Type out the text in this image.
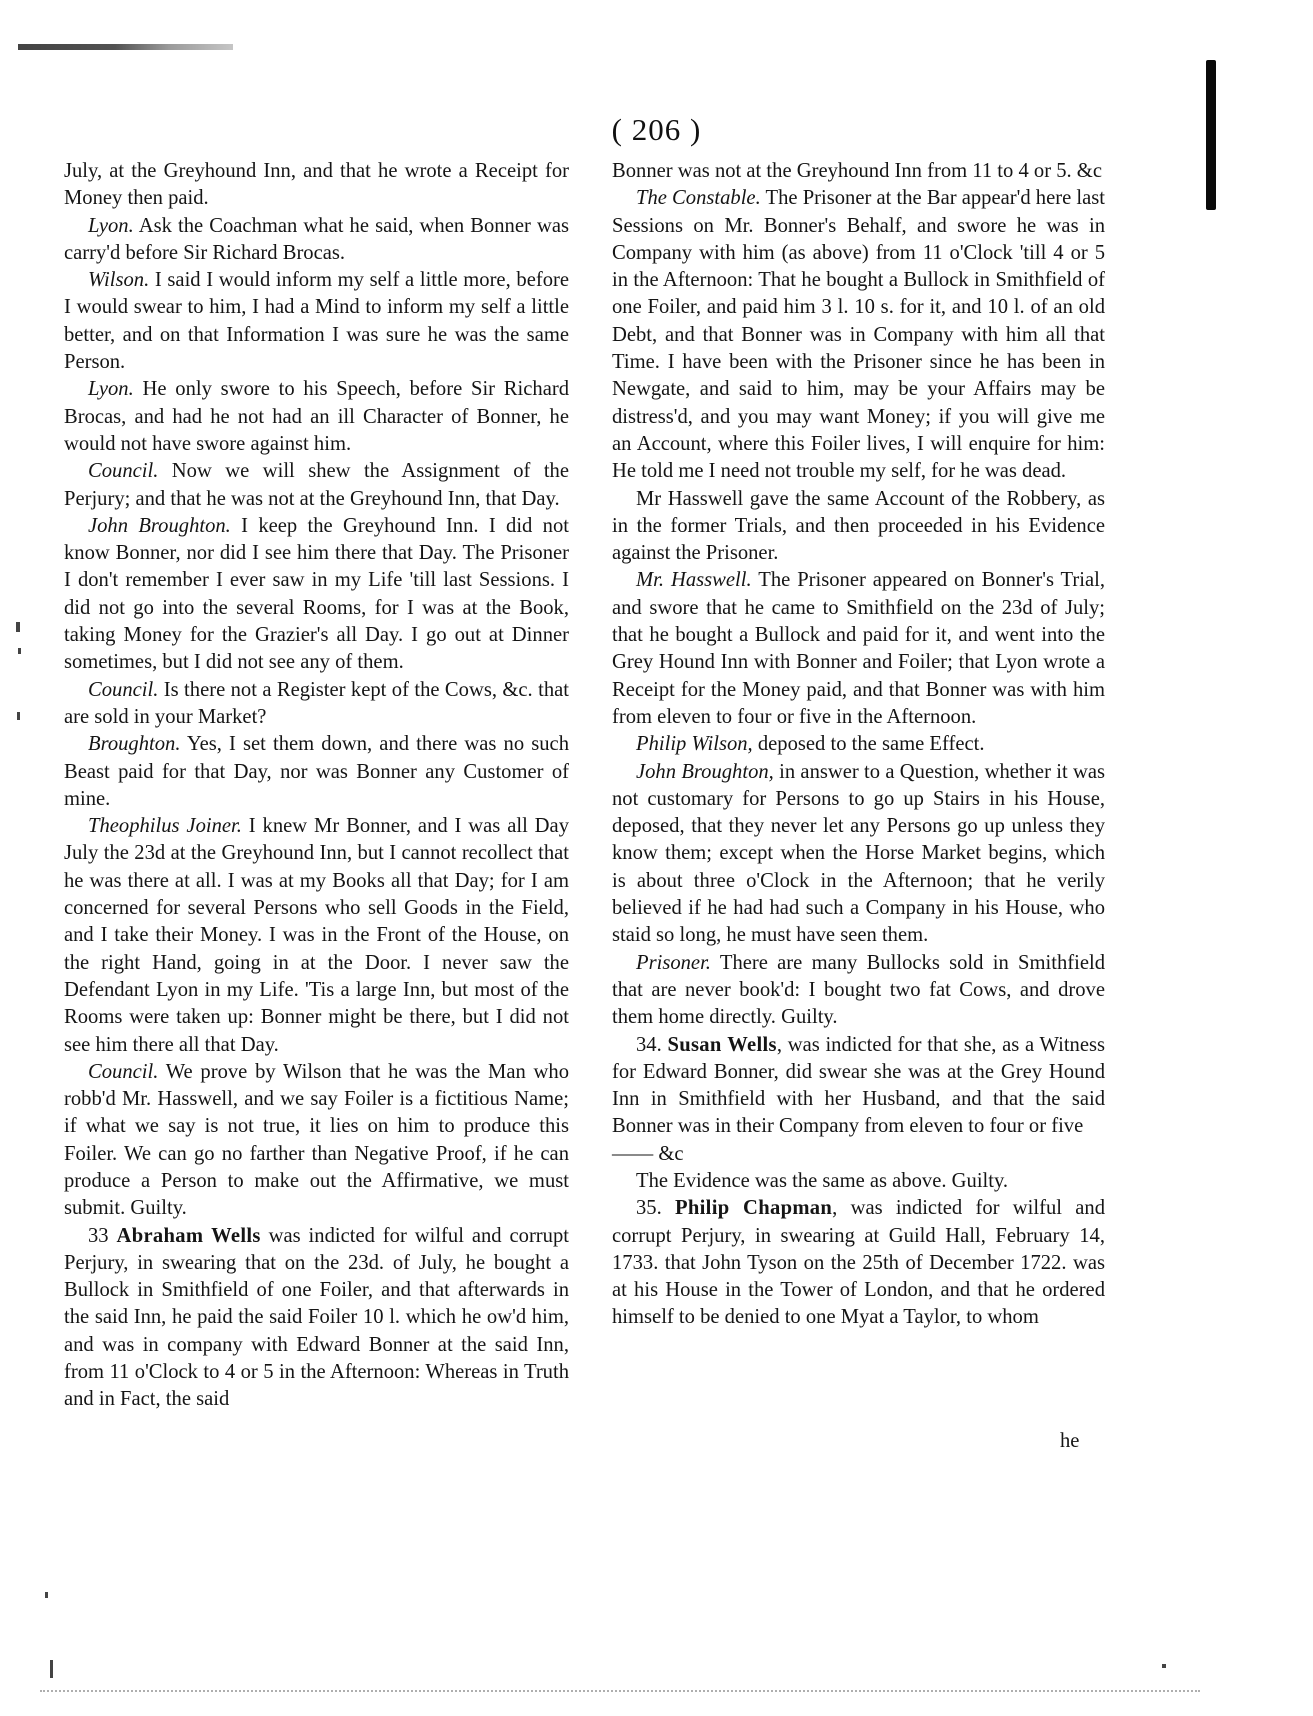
( 206 )

July, at the Greyhound Inn, and that he wrote a Receipt for Money then paid.

Lyon. Ask the Coachman what he said, when Bonner was carry'd before Sir Richard Brocas.

Wilson. I said I would inform my self a little more, before I would swear to him, I had a Mind to inform my self a little better, and on that Information I was sure he was the same Person.

Lyon. He only swore to his Speech, before Sir Richard Brocas, and had he not had an ill Character of Bonner, he would not have swore against him.

Council. Now we will shew the Assignment of the Perjury; and that he was not at the Greyhound Inn, that Day.

John Broughton. I keep the Greyhound Inn. I did not know Bonner, nor did I see him there that Day. The Prisoner I don't remember I ever saw in my Life 'till last Sessions. I did not go into the several Rooms, for I was at the Book, taking Money for the Grazier's all Day. I go out at Dinner sometimes, but I did not see any of them.

Council. Is there not a Register kept of the Cows, &c. that are sold in your Market?

Broughton. Yes, I set them down, and there was no such Beast paid for that Day, nor was Bonner any Customer of mine.

Theophilus Joiner. I knew Mr Bonner, and I was all Day July the 23d at the Greyhound Inn, but I cannot recollect that he was there at all. I was at my Books all that Day; for I am concerned for several Persons who sell Goods in the Field, and I take their Money. I was in the Front of the House, on the right Hand, going in at the Door. I never saw the Defendant Lyon in my Life. 'Tis a large Inn, but most of the Rooms were taken up: Bonner might be there, but I did not see him there all that Day.

Council. We prove by Wilson that he was the Man who robb'd Mr. Hasswell, and we say Foiler is a fictitious Name; if what we say is not true, it lies on him to produce this Foiler. We can go no farther than Negative Proof, if he can produce a Person to make out the Affirmative, we must submit. Guilty.

33 Abraham Wells was indicted for wilful and corrupt Perjury, in swearing that on the 23d. of July, he bought a Bullock in Smithfield of one Foiler, and that afterwards in the said Inn, he paid the said Foiler 10 l. which he ow'd him, and was in company with Edward Bonner at the said Inn, from 11 o'Clock to 4 or 5 in the Afternoon: Whereas in Truth and in Fact, the said

Bonner was not at the Greyhound Inn from 11 to 4 or 5. &c

The Constable. The Prisoner at the Bar appear'd here last Sessions on Mr. Bonner's Behalf, and swore he was in Company with him (as above) from 11 o'Clock 'till 4 or 5 in the Afternoon: That he bought a Bullock in Smithfield of one Foiler, and paid him 3 l. 10 s. for it, and 10 l. of an old Debt, and that Bonner was in Company with him all that Time. I have been with the Prisoner since he has been in Newgate, and said to him, may be your Affairs may be distress'd, and you may want Money; if you will give me an Account, where this Foiler lives, I will enquire for him: He told me I need not trouble my self, for he was dead.

Mr Hasswell gave the same Account of the Robbery, as in the former Trials, and then proceeded in his Evidence against the Prisoner.

Mr. Hasswell. The Prisoner appeared on Bonner's Trial, and swore that he came to Smithfield on the 23d of July; that he bought a Bullock and paid for it, and went into the Grey Hound Inn with Bonner and Foiler; that Lyon wrote a Receipt for the Money paid, and that Bonner was with him from eleven to four or five in the Afternoon.

Philip Wilson, deposed to the same Effect.

John Broughton, in answer to a Question, whether it was not customary for Persons to go up Stairs in his House, deposed, that they never let any Persons go up unless they know them; except when the Horse Market begins, which is about three o'Clock in the Afternoon; that he verily believed if he had had such a Company in his House, who staid so long, he must have seen them.

Prisoner. There are many Bullocks sold in Smithfield that are never book'd: I bought two fat Cows, and drove them home directly. Guilty.

34. Susan Wells, was indicted for that she, as a Witness for Edward Bonner, did swear she was at the Grey Hound Inn in Smithfield with her Husband, and that the said Bonner was in their Company from eleven to four or five

—— &c

The Evidence was the same as above. Guilty.

35. Philip Chapman, was indicted for wilful and corrupt Perjury, in swearing at Guild Hall, February 14, 1733. that John Tyson on the 25th of December 1722. was at his House in the Tower of London, and that he ordered himself to be denied to one Myat a Taylor, to whom

he
